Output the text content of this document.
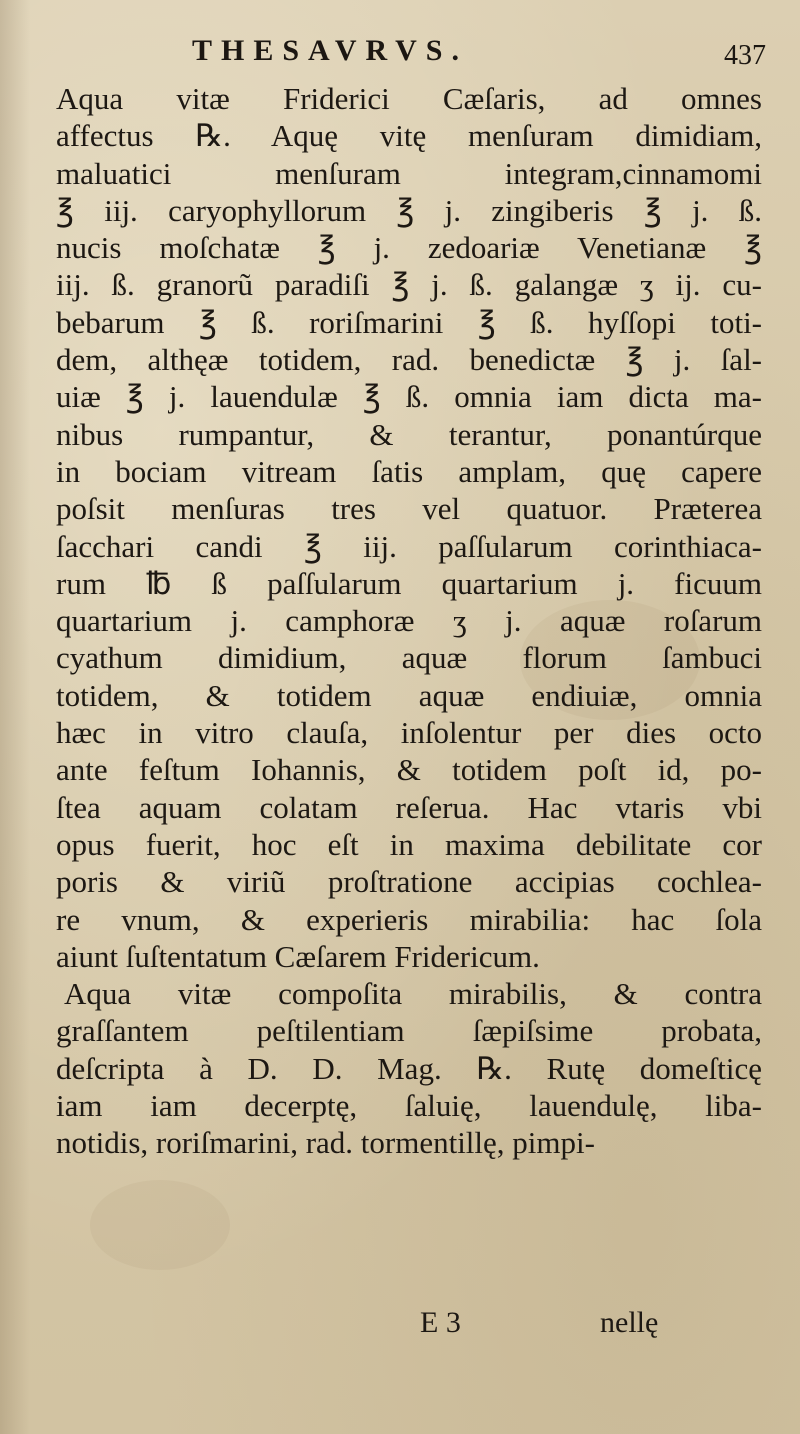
THESAVRVS.	437
Aqua vitæ Friderici Cæſaris, ad omnes
affectus ℞. Aquę vitę menſuram dimidiam,
maluatici menſuram integram,cinnamomi
℥ iij. caryophyllorum ℥ j. zingiberis ℥ j. ß.
nucis moſchatæ ℥ j. zedoariæ Venetianæ ℥
iij. ß. granorũ paradiſi ℥ j. ß. galangæ ʒ ij. cu-
bebarum ℥ ß. roriſmarini ℥ ß. hyſſopi toti-
dem, althęæ totidem, rad. benedictæ ℥ j. ſal-
uiæ ℥ j. lauendulæ ℥ ß. omnia iam dicta ma-
nibus rumpantur, & terantur, ponantúrque
in bociam vitream ſatis amplam, quę capere
poſsit menſuras tres vel quatuor. Præterea
ſacchari candi ℥ iij. paſſularum corinthiaca-
rum ℔ ß paſſularum quartarium j. ficuum
quartarium j. camphoræ ʒ j. aquæ roſarum
cyathum dimidium, aquæ florum ſambuci
totidem, & totidem aquæ endiuiæ, omnia
hæc in vitro clauſa, inſolentur per dies octo
ante feſtum Iohannis, & totidem poſt id, po-
ſtea aquam colatam reſerua. Hac vtaris vbi
opus fuerit, hoc eſt in maxima debilitate cor
poris & viriũ proſtratione accipias cochlea-
re vnum, & experieris mirabilia: hac ſola
aiunt ſuſtentatum Cæſarem Fridericum.
Aqua vitæ compoſita mirabilis, & contra
graſſantem peſtilentiam ſæpiſsime probata,
deſcripta à D. D. Mag. ℞. Rutę domeſticę
iam iam decerptę, ſaluię, lauendulę, liba-
notidis, roriſmarini, rad. tormentillę, pimpi-
E 3	nellę
